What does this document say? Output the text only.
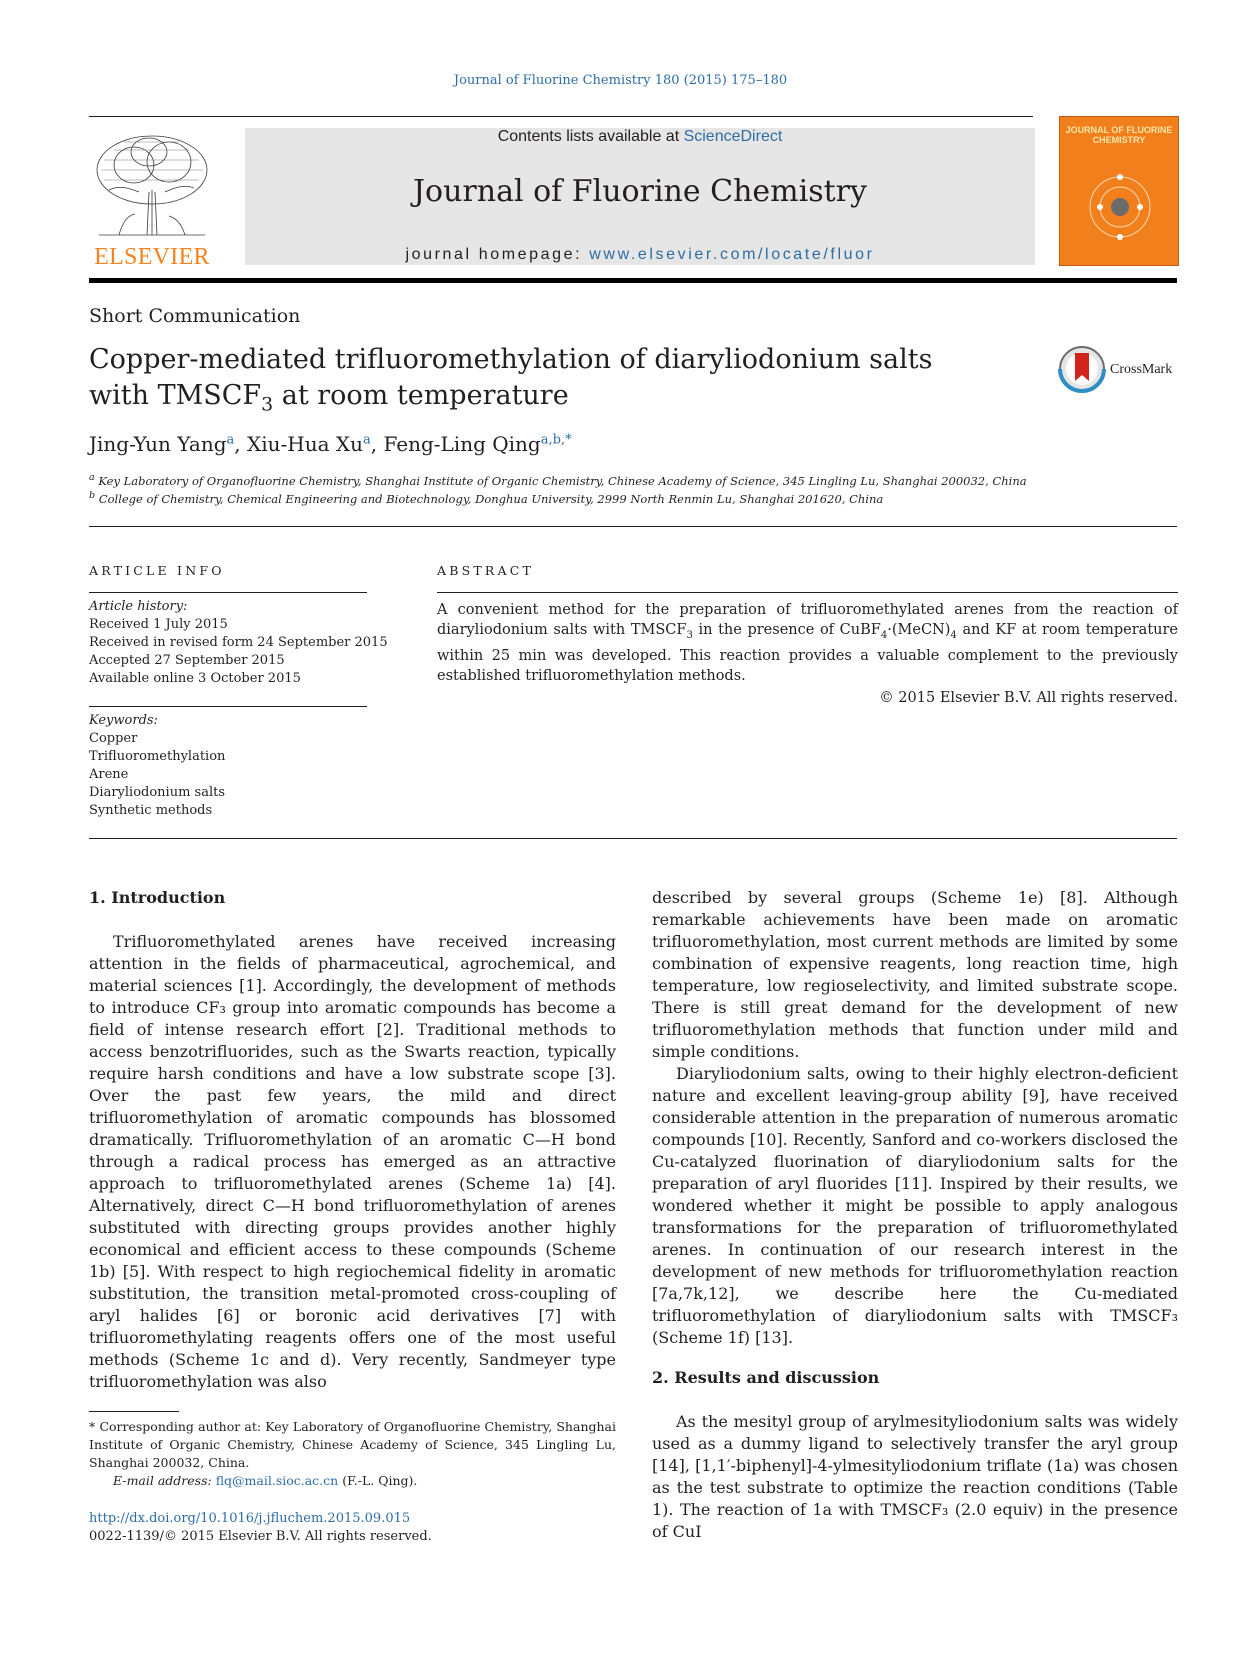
Journal of Fluorine Chemistry 180 (2015) 175–180
ELSEVIER
Contents lists available at ScienceDirect
Journal of Fluorine Chemistry
journal homepage: www.elsevier.com/locate/fluor
JOURNAL OF FLUORINE CHEMISTRY
Short Communication
Copper-mediated trifluoromethylation of diaryliodonium salts
with $TMSCF_3$ at room temperature
CrossMark
Jing-Yun Yang$^a$, Xiu-Hua Xu$^a$, Feng-Ling Qing$^{a,b,*}$
$^a$ Key Laboratory of Organofluorine Chemistry, Shanghai Institute of Organic Chemistry, Chinese Academy of Science, 345 Lingling Lu, Shanghai 200032, China
$^b$ College of Chemistry, Chemical Engineering and Biotechnology, Donghua University, 2999 North Renmin Lu, Shanghai 201620, China
ARTICLE INFO
Article history:
Received 1 July 2015
Received in revised form 24 September 2015
Accepted 27 September 2015
Available online 3 October 2015
Keywords:
Copper
Trifluoromethylation
Arene
Diaryliodonium salts
Synthetic methods
ABSTRACT
A convenient method for the preparation of trifluoromethylated arenes from the reaction of diaryliodonium salts with $TMSCF_3$ in the presence of $CuBF_4\cdot(MeCN)_4$ and KF at room temperature within 25 min was developed. This reaction provides a valuable complement to the previously established trifluoromethylation methods.
© 2015 Elsevier B.V. All rights reserved.

1. Introduction

Trifluoromethylated arenes have received increasing attention in the fields of pharmaceutical, agrochemical, and material sciences [1]. Accordingly, the development of methods to introduce CF₃ group into aromatic compounds has become a field of intense research effort [2]. Traditional methods to access benzotrifluorides, such as the Swarts reaction, typically require harsh conditions and have a low substrate scope [3]. Over the past few years, the mild and direct trifluoromethylation of aromatic compounds has blossomed dramatically. Trifluoromethylation of an aromatic C—H bond through a radical process has emerged as an attractive approach to trifluoromethylated arenes (Scheme 1a) [4]. Alternatively, direct C—H bond trifluoromethylation of arenes substituted with directing groups provides another highly economical and efficient access to these compounds (Scheme 1b) [5]. With respect to high regiochemical fidelity in aromatic substitution, the transition metal-promoted cross-coupling of aryl halides [6] or boronic acid derivatives [7] with trifluoromethylating reagents offers one of the most useful methods (Scheme 1c and d). Very recently, Sandmeyer type trifluoromethylation was also

described by several groups (Scheme 1e) [8]. Although remarkable achievements have been made on aromatic trifluoromethylation, most current methods are limited by some combination of expensive reagents, long reaction time, high temperature, low regioselectivity, and limited substrate scope. There is still great demand for the development of new trifluoromethylation methods that function under mild and simple conditions.

Diaryliodonium salts, owing to their highly electron-deficient nature and excellent leaving-group ability [9], have received considerable attention in the preparation of numerous aromatic compounds [10]. Recently, Sanford and co-workers disclosed the Cu-catalyzed fluorination of diaryliodonium salts for the preparation of aryl fluorides [11]. Inspired by their results, we wondered whether it might be possible to apply analogous transformations for the preparation of trifluoromethylated arenes. In continuation of our research interest in the development of new methods for trifluoromethylation reaction [7a,7k,12], we describe here the Cu-mediated trifluoromethylation of diaryliodonium salts with TMSCF₃ (Scheme 1f) [13].

2. Results and discussion

As the mesityl group of arylmesityliodonium salts was widely used as a dummy ligand to selectively transfer the aryl group [14], [1,1′-biphenyl]-4-ylmesityliodonium triflate (1a) was chosen as the test substrate to optimize the reaction conditions (Table 1). The reaction of 1a with TMSCF₃ (2.0 equiv) in the presence of CuI

* Corresponding author at: Key Laboratory of Organofluorine Chemistry, Shanghai Institute of Organic Chemistry, Chinese Academy of Science, 345 Lingling Lu, Shanghai 200032, China.
E-mail address: flq@mail.sioc.ac.cn (F.-L. Qing).
http://dx.doi.org/10.1016/j.jfluchem.2015.09.015
0022-1139/© 2015 Elsevier B.V. All rights reserved.
